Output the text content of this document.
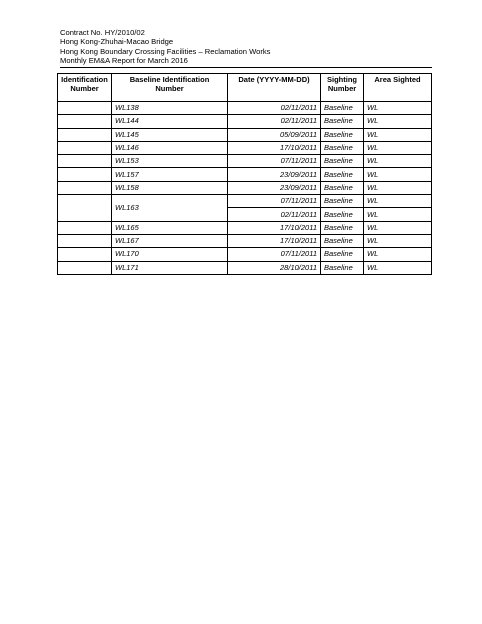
Contract No. HY/2010/02
Hong Kong-Zhuhai-Macao Bridge
Hong Kong Boundary Crossing Facilities – Reclamation Works
Monthly EM&A Report for March 2016
Identification Number	Baseline Identification Number	Date (YYYY-MM-DD)	Sighting Number	Area Sighted
	WL138	02/11/2011	Baseline	WL
	WL144	02/11/2011	Baseline	WL
	WL145	05/09/2011	Baseline	WL
	WL146	17/10/2011	Baseline	WL
	WL153	07/11/2011	Baseline	WL
	WL157	23/09/2011	Baseline	WL
	WL158	23/09/2011	Baseline	WL
	WL163	07/11/2011	Baseline	WL
		02/11/2011	Baseline	WL
	WL165	17/10/2011	Baseline	WL
	WL167	17/10/2011	Baseline	WL
	WL170	07/11/2011	Baseline	WL
	WL171	28/10/2011	Baseline	WL
